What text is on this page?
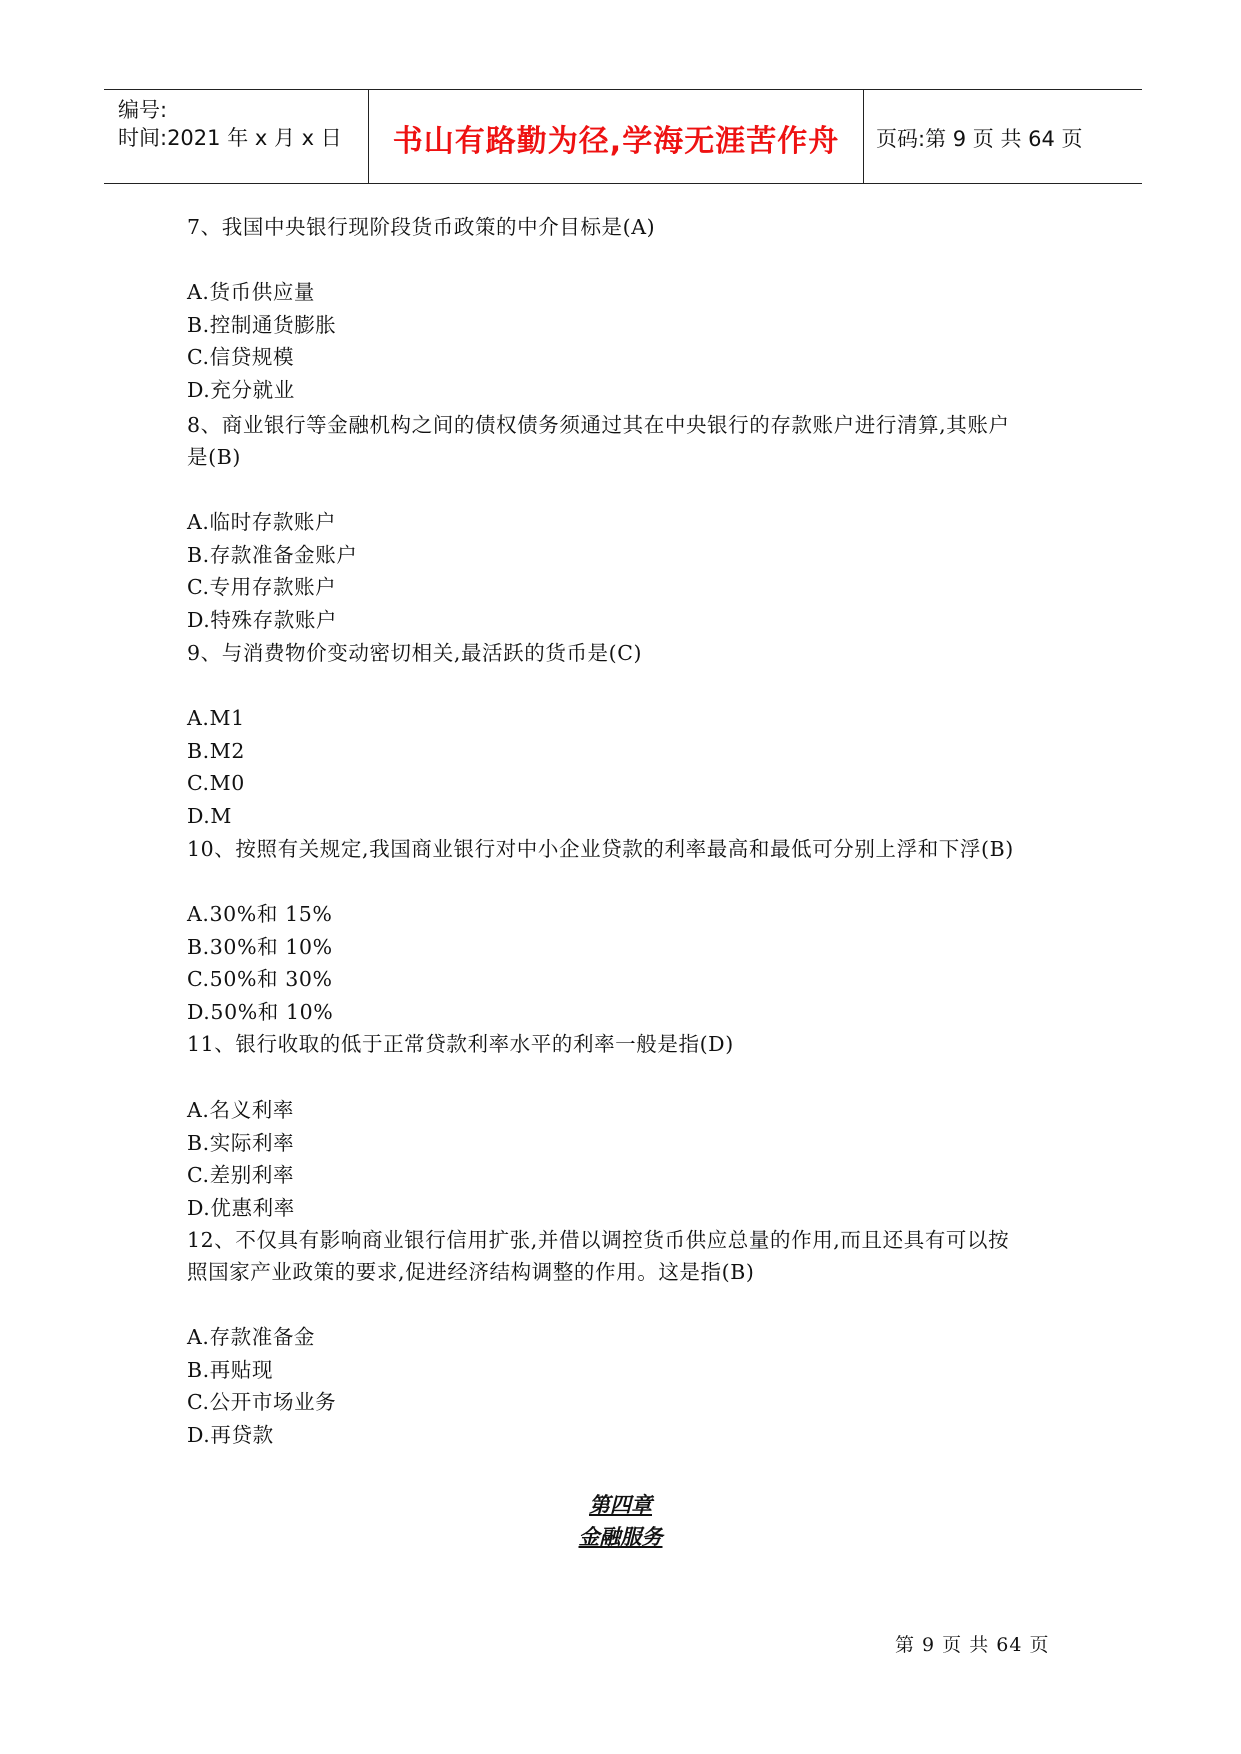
编号:
时间:2021 年 x 月 x 日	书山有路勤为径,学海无涯苦作舟	页码:第 9 页 共 64 页
7、我国中央银行现阶段货币政策的中介目标是(A)
A.货币供应量
B.控制通货膨胀
C.信贷规模
D.充分就业
8、商业银行等金融机构之间的债权债务须通过其在中央银行的存款账户进行清算,其账户
是(B)
A.临时存款账户
B.存款准备金账户
C.专用存款账户
D.特殊存款账户
9、与消费物价变动密切相关,最活跃的货币是(C)
A.M1
B.M2
C.M0
D.M
10、按照有关规定,我国商业银行对中小企业贷款的利率最高和最低可分别上浮和下浮(B)
A.30%和 15%
B.30%和 10%
C.50%和 30%
D.50%和 10%
11、银行收取的低于正常贷款利率水平的利率一般是指(D)
A.名义利率
B.实际利率
C.差别利率
D.优惠利率
12、不仅具有影响商业银行信用扩张,并借以调控货币供应总量的作用,而且还具有可以按
照国家产业政策的要求,促进经济结构调整的作用。这是指(B)
A.存款准备金
B.再贴现
C.公开市场业务
D.再贷款
第四章
金融服务
第 9 页 共 64 页
